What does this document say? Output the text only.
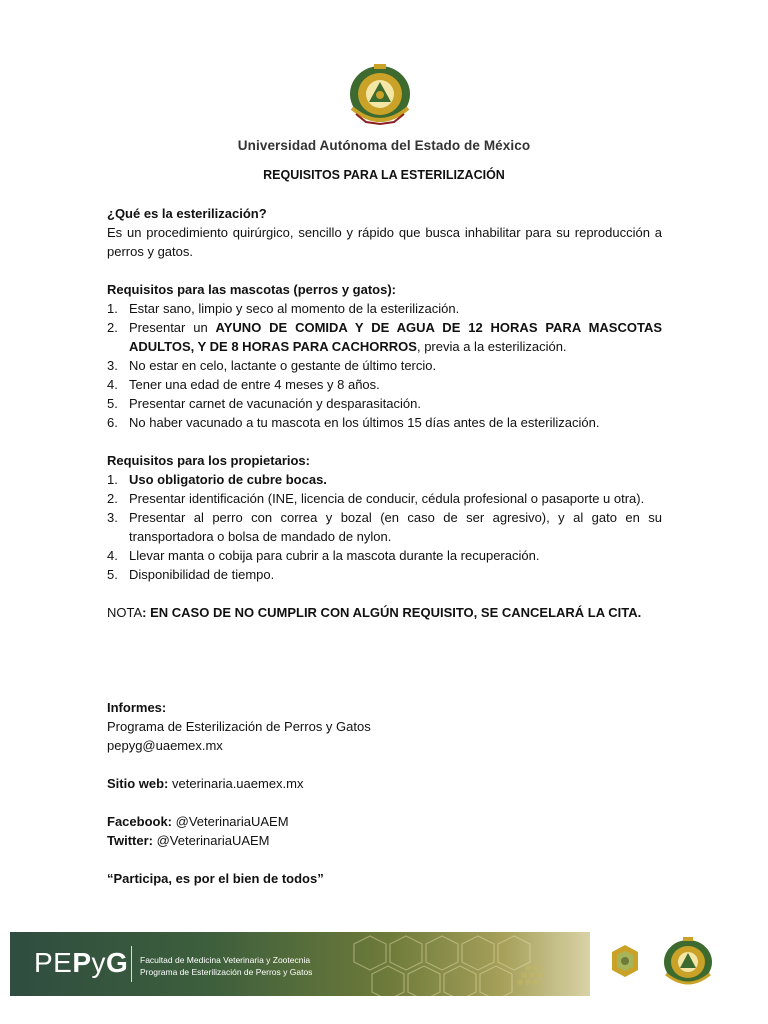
Universidad Autónoma del Estado de México
REQUISITOS PARA LA ESTERILIZACIÓN

¿Qué es la esterilización?

Es un procedimiento quirúrgico, sencillo y rápido que busca inhabilitar para su reproducción a perros y gatos.

Requisitos para las mascotas (perros y gatos):

1. Estar sano, limpio y seco al momento de la esterilización.
2. Presentar un AYUNO DE COMIDA Y DE AGUA DE 12 HORAS PARA MASCOTAS ADULTOS, Y DE 8 HORAS PARA CACHORROS, previa a la esterilización.
3. No estar en celo, lactante o gestante de último tercio.
4. Tener una edad de entre 4 meses y 8 años.
5. Presentar carnet de vacunación y desparasitación.
6. No haber vacunado a tu mascota en los últimos 15 días antes de la esterilización.

Requisitos para los propietarios:

1. Uso obligatorio de cubre bocas.
2. Presentar identificación (INE, licencia de conducir, cédula profesional o pasaporte u otra).
3. Presentar al perro con correa y bozal (en caso de ser agresivo), y al gato en su transportadora o bolsa de mandado de nylon.
4. Llevar manta o cobija para cubrir a la mascota durante la recuperación.
5. Disponibilidad de tiempo.

NOTA: EN CASO DE NO CUMPLIR CON ALGÚN REQUISITO, SE CANCELARÁ LA CITA.

Informes:

Programa de Esterilización de Perros y Gatos

pepyg@uaemex.mx

Sitio web: veterinaria.uaemex.mx

Facebook: @VeterinariaUAEM

Twitter: @VeterinariaUAEM

“Participa, es por el bien de todos”

PEPyG Facultad de Medicina Veterinaria y Zootecnia
Programa de Esterilización de Perros y Gatos
